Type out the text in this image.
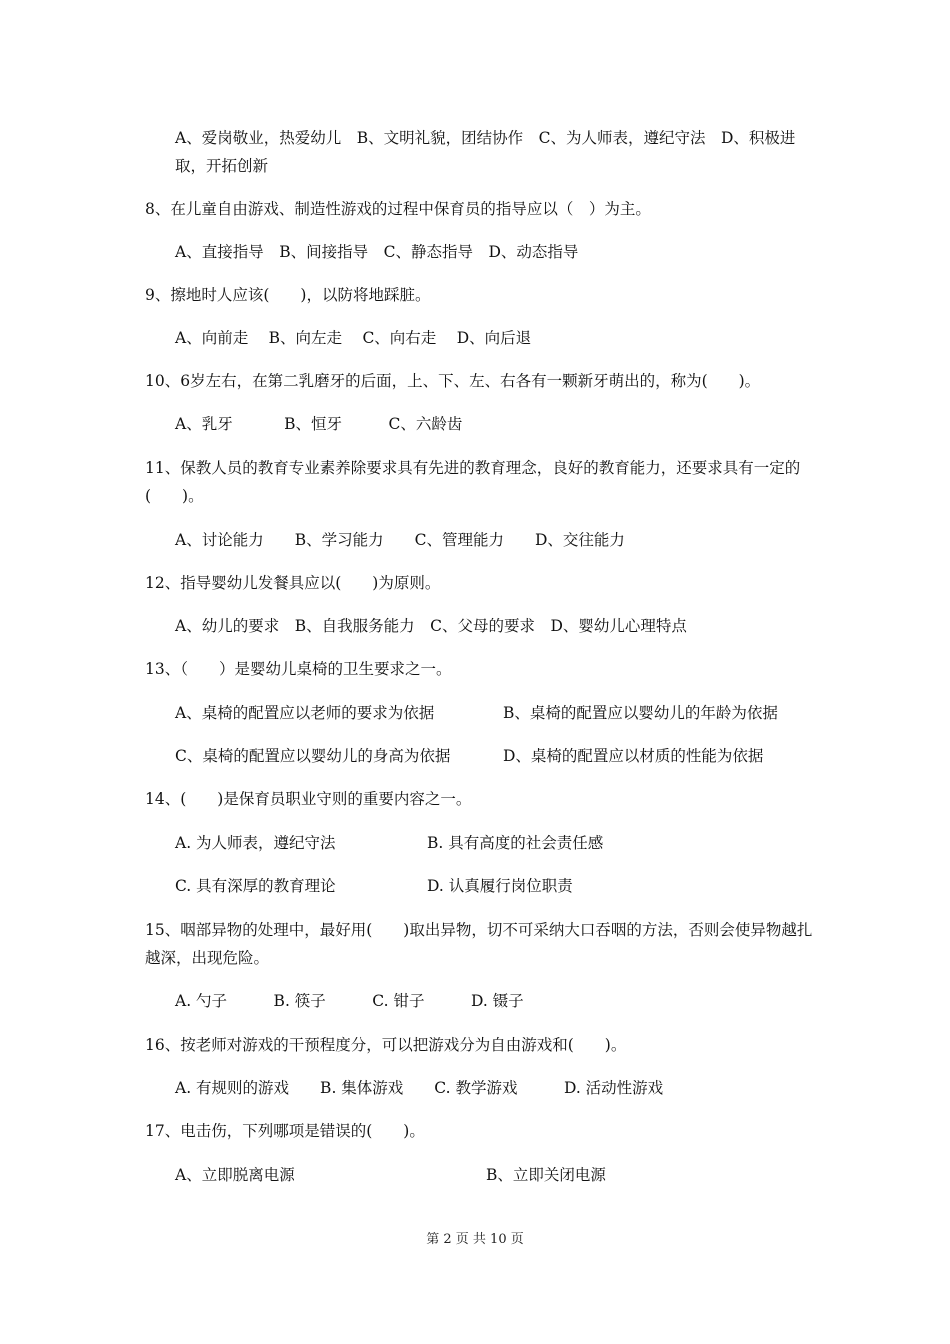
A、爱岗敬业，热爱幼儿　B、文明礼貌，团结协作　C、为人师表，遵纪守法　D、积极进取，开拓创新
8、在儿童自由游戏、制造性游戏的过程中保育员的指导应以（　）为主。
A、直接指导　B、间接指导　C、静态指导　D、动态指导
9、擦地时人应该(　　)，以防将地踩脏。
A、向前走　 B、向左走　 C、向右走　 D、向后退
10、6岁左右，在第二乳磨牙的后面，上、下、左、右各有一颗新牙萌出的，称为(　　)。
A、乳牙　　　 B、恒牙　　　C、六龄齿
11、保教人员的教育专业素养除要求具有先进的教育理念，良好的教育能力，还要求具有一定的(　　)。
A、讨论能力　　B、学习能力　　C、管理能力　　D、交往能力
12、指导婴幼儿发餐具应以(　　)为原则。
A、幼儿的要求　B、自我服务能力　C、父母的要求　D、婴幼儿心理特点
13、（　　）是婴幼儿桌椅的卫生要求之一。
A、桌椅的配置应以老师的要求为依据	B、桌椅的配置应以婴幼儿的年龄为依据
C、桌椅的配置应以婴幼儿的身高为依据	D、桌椅的配置应以材质的性能为依据
14、(　　)是保育员职业守则的重要内容之一。
A. 为人师表，遵纪守法	B. 具有高度的社会责任感
C. 具有深厚的教育理论	D. 认真履行岗位职责
15、咽部异物的处理中，最好用(　　)取出异物，切不可采纳大口吞咽的方法，否则会使异物越扎越深，出现危险。
A. 勺子　　　B. 筷子　　　C. 钳子　　　D. 镊子
16、按老师对游戏的干预程度分，可以把游戏分为自由游戏和(　　)。
A. 有规则的游戏　　B. 集体游戏　　C. 教学游戏　　　D. 活动性游戏
17、电击伤，下列哪项是错误的(　　)。
A、立即脱离电源	B、立即关闭电源
第 2 页 共 10 页
